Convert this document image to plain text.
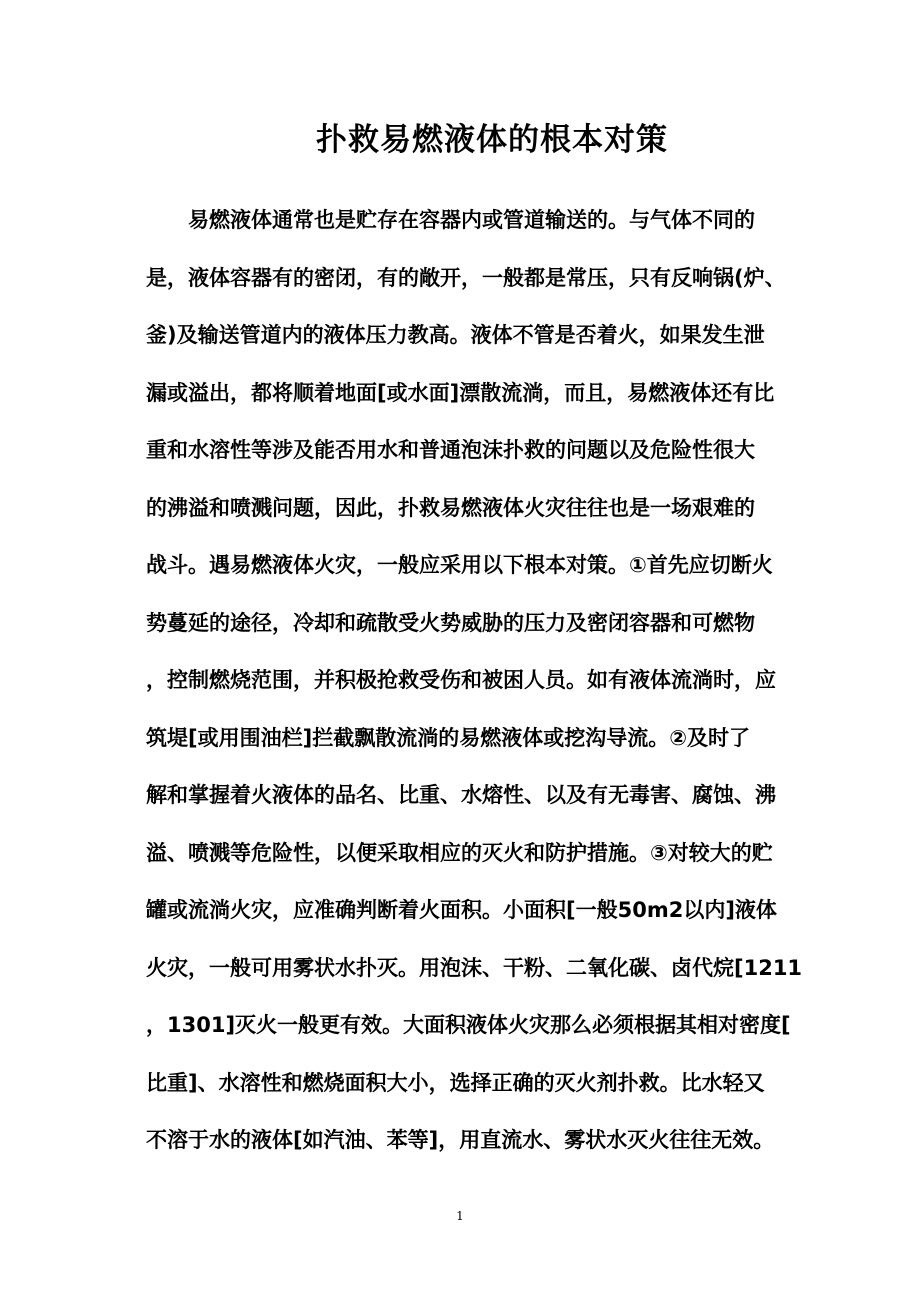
扑救易燃液体的根本对策
易燃液体通常也是贮存在容器内或管道输送的。与气体不同的
是，液体容器有的密闭，有的敞开，一般都是常压，只有反响锅(炉、
釜)及输送管道内的液体压力教高。液体不管是否着火，如果发生泄
漏或溢出，都将顺着地面[或水面]漂散流淌，而且，易燃液体还有比
重和水溶性等涉及能否用水和普通泡沫扑救的问题以及危险性很大
的沸溢和喷溅问题，因此，扑救易燃液体火灾往往也是一场艰难的
战斗。遇易燃液体火灾，一般应采用以下根本对策。①首先应切断火
势蔓延的途径，冷却和疏散受火势威胁的压力及密闭容器和可燃物
，控制燃烧范围，并积极抢救受伤和被困人员。如有液体流淌时，应
筑堤[或用围油栏]拦截飘散流淌的易燃液体或挖沟导流。②及时了
解和掌握着火液体的品名、比重、水熔性、以及有无毒害、腐蚀、沸
溢、喷溅等危险性，以便采取相应的灭火和防护措施。③对较大的贮
罐或流淌火灾，应准确判断着火面积。小面积[一般50m2以内]液体
火灾，一般可用雾状水扑灭。用泡沫、干粉、二氧化碳、卤代烷[1211
，1301]灭火一般更有效。大面积液体火灾那么必须根据其相对密度[
比重]、水溶性和燃烧面积大小，选择正确的灭火剂扑救。比水轻又
不溶于水的液体[如汽油、苯等]，用直流水、雾状水灭火往往无效。
1
